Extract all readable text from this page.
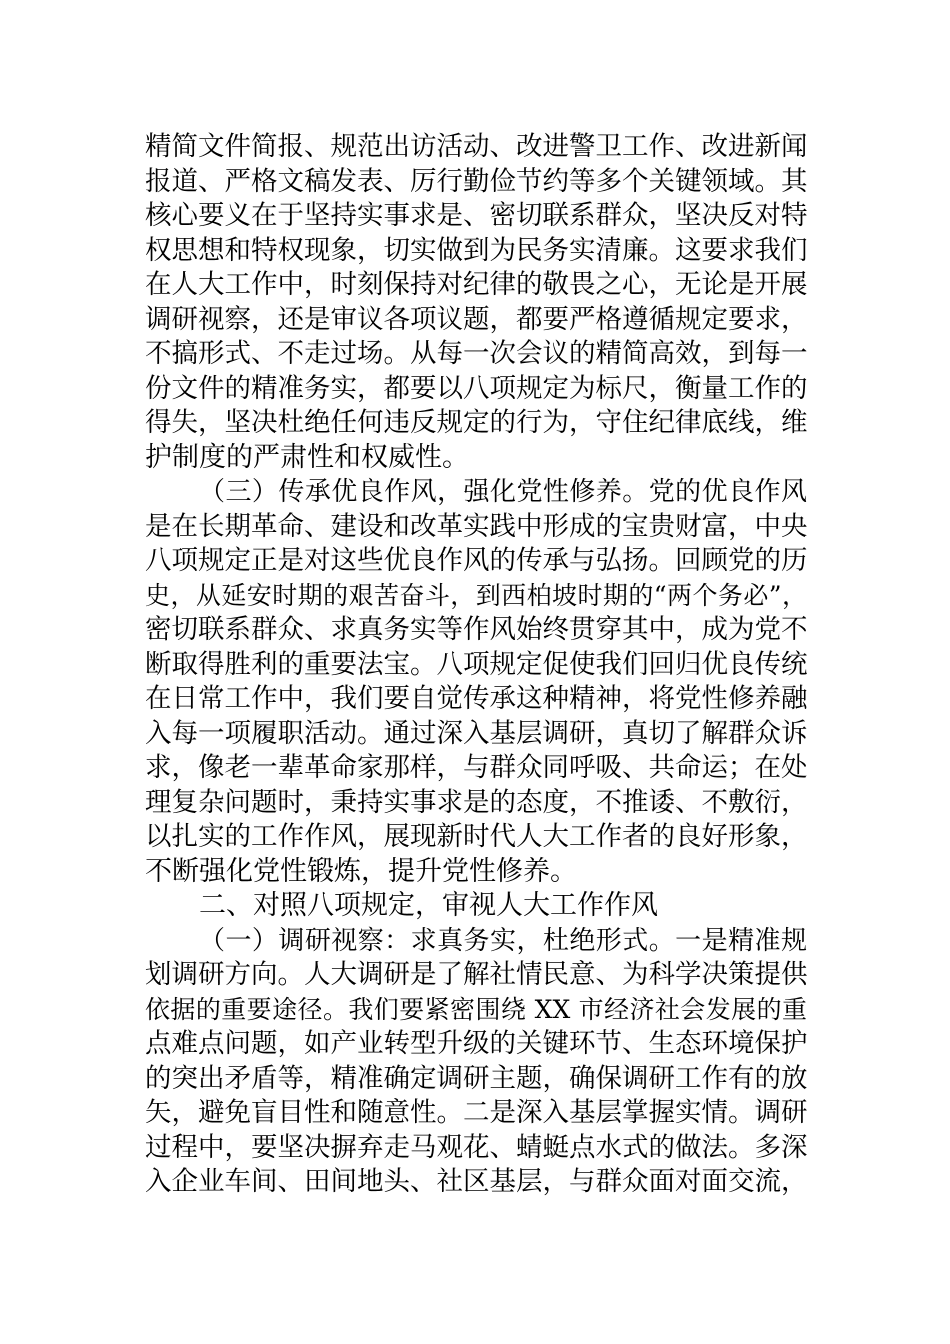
精简文件简报、规范出访活动、改进警卫工作、改进新闻
报道、严格文稿发表、厉行勤俭节约等多个关键领域。其
核心要义在于坚持实事求是、密切联系群众，坚决反对特
权思想和特权现象，切实做到为民务实清廉。这要求我们
在人大工作中，时刻保持对纪律的敬畏之心，无论是开展
调研视察，还是审议各项议题，都要严格遵循规定要求，
不搞形式、不走过场。从每一次会议的精简高效，到每一
份文件的精准务实，都要以八项规定为标尺，衡量工作的
得失，坚决杜绝任何违反规定的行为，守住纪律底线，维
护制度的严肃性和权威性。
（三）传承优良作风，强化党性修养。党的优良作风
是在长期革命、建设和改革实践中形成的宝贵财富，中央
八项规定正是对这些优良作风的传承与弘扬。回顾党的历
史，从延安时期的艰苦奋斗，到西柏坡时期的“两个务必”，
密切联系群众、求真务实等作风始终贯穿其中，成为党不
断取得胜利的重要法宝。八项规定促使我们回归优良传统
在日常工作中，我们要自觉传承这种精神，将党性修养融
入每一项履职活动。通过深入基层调研，真切了解群众诉
求，像老一辈革命家那样，与群众同呼吸、共命运；在处
理复杂问题时，秉持实事求是的态度，不推诿、不敷衍，
以扎实的工作作风，展现新时代人大工作者的良好形象，
不断强化党性锻炼，提升党性修养。
二、对照八项规定，审视人大工作作风
（一）调研视察：求真务实，杜绝形式。一是精准规
划调研方向。人大调研是了解社情民意、为科学决策提供
依据的重要途径。我们要紧密围绕 XX 市经济社会发展的重
点难点问题，如产业转型升级的关键环节、生态环境保护
的突出矛盾等，精准确定调研主题，确保调研工作有的放
矢，避免盲目性和随意性。二是深入基层掌握实情。调研
过程中，要坚决摒弃走马观花、蜻蜓点水式的做法。多深
入企业车间、田间地头、社区基层，与群众面对面交流，
